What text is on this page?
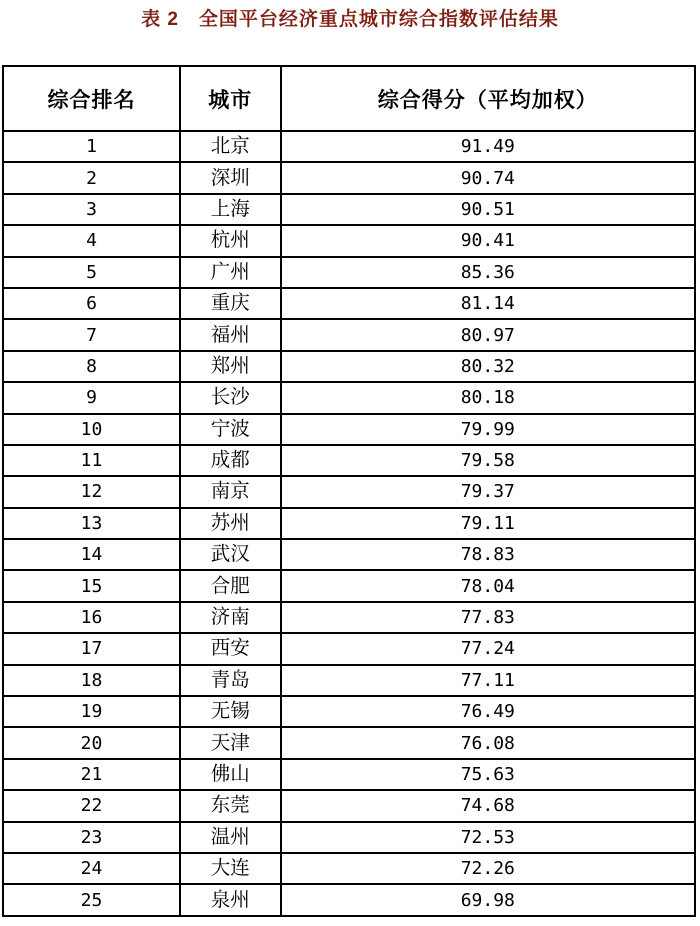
表 2　全国平台经济重点城市综合指数评估结果
综合排名	城市	综合得分（平均加权）
1	北京	91.49
2	深圳	90.74
3	上海	90.51
4	杭州	90.41
5	广州	85.36
6	重庆	81.14
7	福州	80.97
8	郑州	80.32
9	长沙	80.18
10	宁波	79.99
11	成都	79.58
12	南京	79.37
13	苏州	79.11
14	武汉	78.83
15	合肥	78.04
16	济南	77.83
17	西安	77.24
18	青岛	77.11
19	无锡	76.49
20	天津	76.08
21	佛山	75.63
22	东莞	74.68
23	温州	72.53
24	大连	72.26
25	泉州	69.98
